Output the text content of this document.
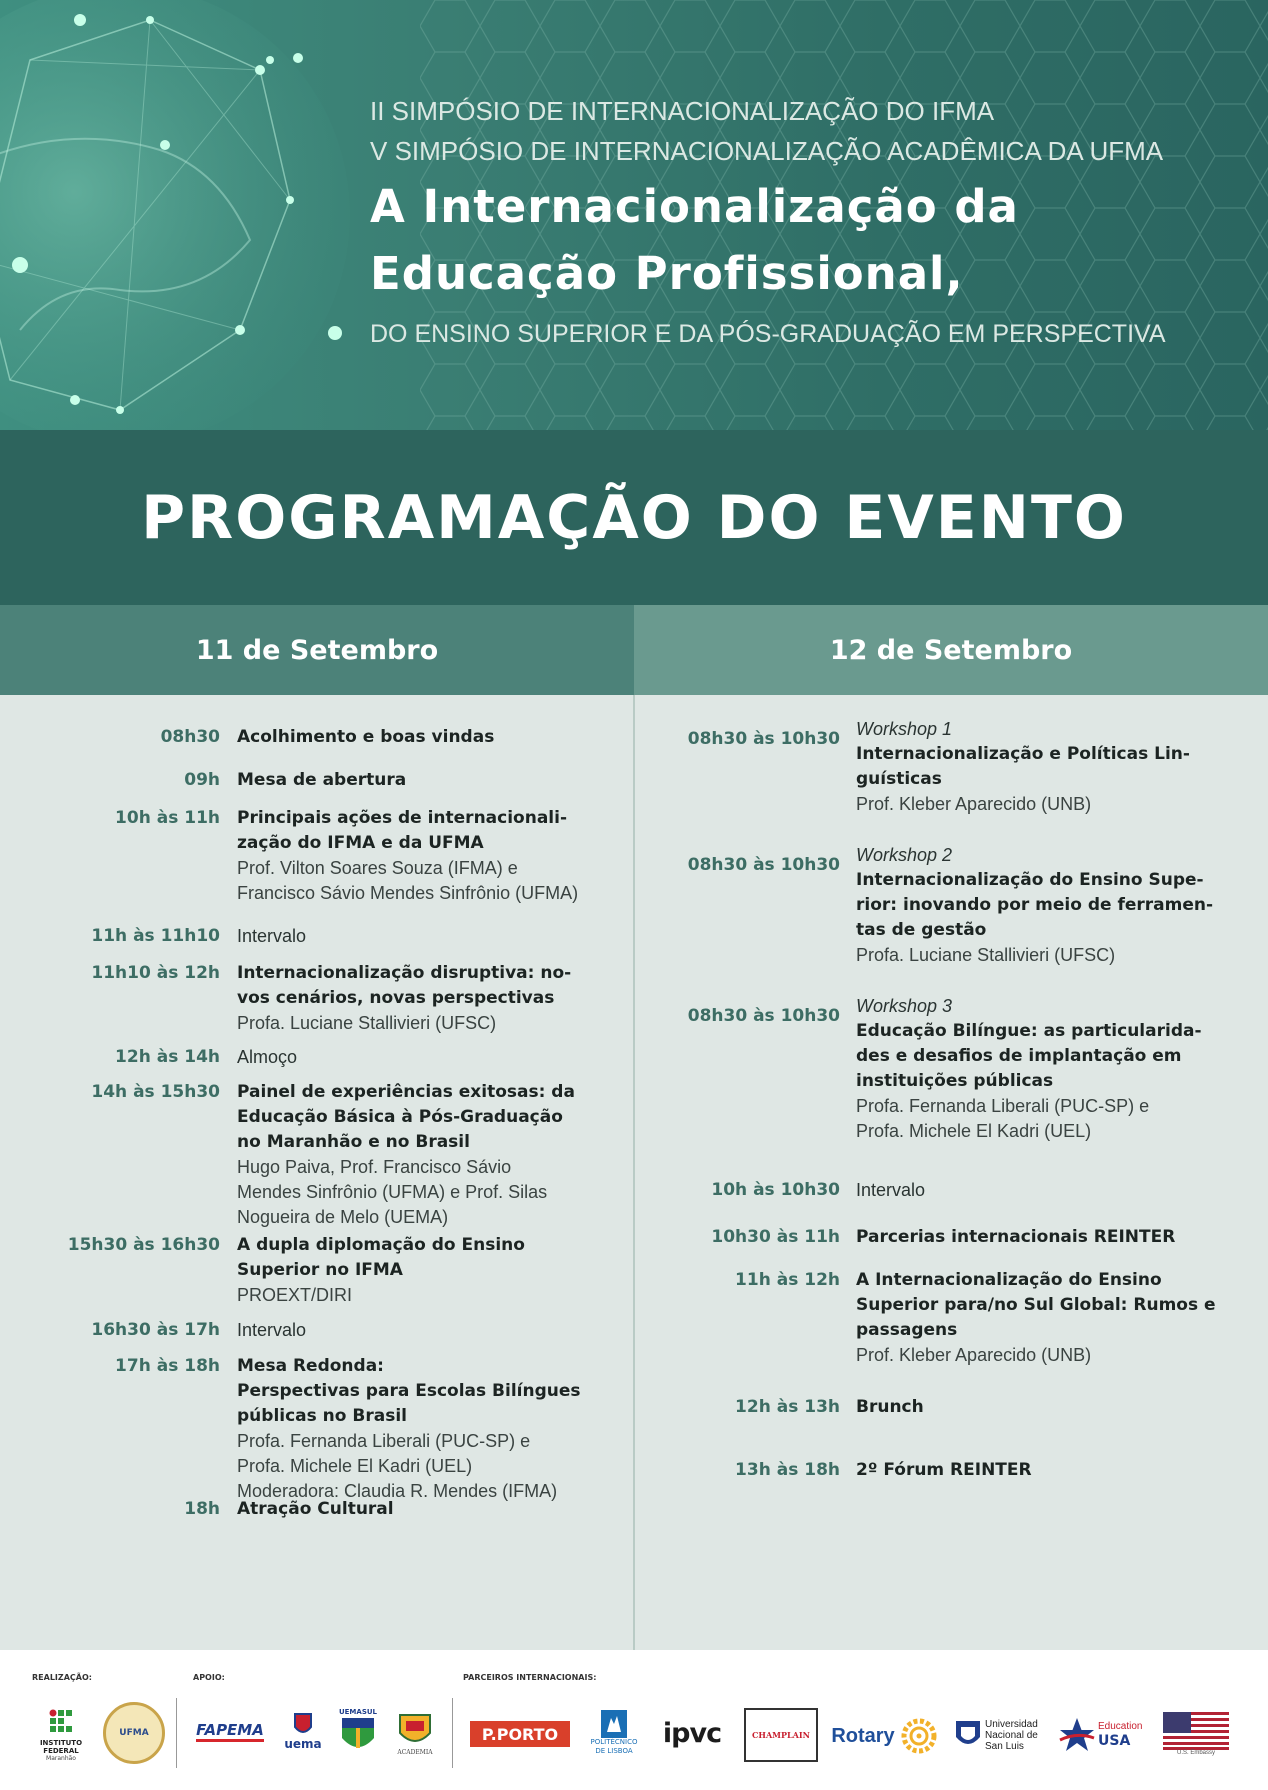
II SIMPÓSIO DE INTERNACIONALIZAÇÃO DO IFMA

V SIMPÓSIO DE INTERNACIONALIZAÇÃO ACADÊMICA DA UFMA

A Internacionalização da

Educação Profissional,

DO ENSINO SUPERIOR E DA PÓS-GRADUAÇÃO EM PERSPECTIVA

PROGRAMAÇÃO DO EVENTO
11 de Setembro	12 de Setembro
08h30 Acolhimento e boas vindas

09h Mesa de abertura

10h às 11h Principais ações de internacionali-
zação do IFMA e da UFMA

Prof. Vilton Soares Souza (IFMA) e
Francisco Sávio Mendes Sinfrônio (UFMA)

11h às 11h10 Intervalo

11h10 às 12h Internacionalização disruptiva: no-
vos cenários, novas perspectivas

Profa. Luciane Stallivieri (UFSC)

12h às 14h Almoço

14h às 15h30 Painel de experiências exitosas: da
Educação Básica à Pós-Graduação
no Maranhão e no Brasil

Hugo Paiva, Prof. Francisco Sávio
Mendes Sinfrônio (UFMA) e Prof. Silas
Nogueira de Melo (UEMA)

15h30 às 16h30 A dupla diplomação do Ensino
Superior no IFMA

PROEXT/DIRI

16h30 às 17h Intervalo

17h às 18h Mesa Redonda:
Perspectivas para Escolas Bilíngues
públicas no Brasil

Profa. Fernanda Liberali (PUC-SP) e
Profa. Michele El Kadri (UEL)
Moderadora: Claudia R. Mendes (IFMA)

18h Atração Cultural

08h30 às 10h30 Workshop 1

Internacionalização e Políticas Lin-
guísticas

Prof. Kleber Aparecido (UNB)

08h30 às 10h30 Workshop 2

Internacionalização do Ensino Supe-
rior: inovando por meio de ferramen-
tas de gestão

Profa. Luciane Stallivieri (UFSC)

08h30 às 10h30 Workshop 3

Educação Bilíngue: as particularida-
des e desafios de implantação em
instituições públicas

Profa. Fernanda Liberali (PUC-SP) e
Profa. Michele El Kadri (UEL)

10h às 10h30 Intervalo

10h30 às 11h Parcerias internacionais REINTER

11h às 12h A Internacionalização do Ensino
Superior para/no Sul Global: Rumos e
passagens

Prof. Kleber Aparecido (UNB)

12h às 13h Brunch

13h às 18h 2º Fórum REINTER

REALIZAÇÃO:	APOIO:	PARCEIROS INTERNACIONAIS:

INSTITUTO
FEDERAL
Maranhão
UFMA	FAPEMA
uema
UEMASUL
ACADEMIA
P.PORTO	POLITÉCNICO
DE LISBOA
ipvc	CHAMPLAIN Rotary
Universidad
Nacional de
San Luis
Education
USA
U.S. Embassy
